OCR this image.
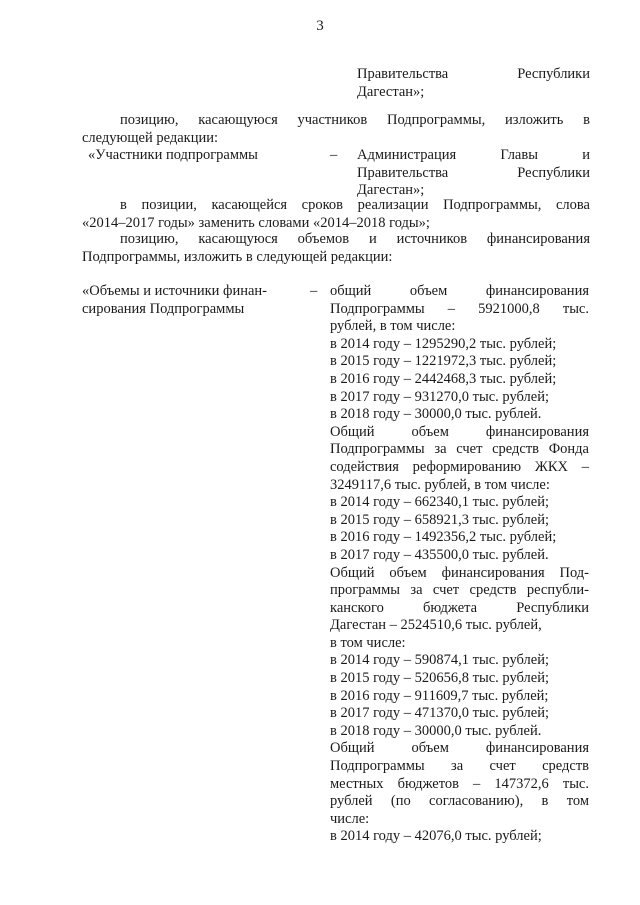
3
Правительства Республики
Дагестан»;
позицию, касающуюся участников Подпрограммы, изложить в
следующей редакции:
«Участники подпрограммы	– Администрация Главы и
Правительства Республики
Дагестан»;
в позиции, касающейся сроков реализации Подпрограммы, слова
«2014–2017 годы» заменить словами «2014–2018 годы»;
позицию, касающуюся объемов и источников финансирования
Подпрограммы, изложить в следующей редакции:
«Объемы и источники финан-
сирования Подпрограммы
– общий объем финансирования
Подпрограммы – 5921000,8 тыс.
рублей, в том числе:
в 2014 году – 1295290,2 тыс. рублей;
в 2015 году – 1221972,3 тыс. рублей;
в 2016 году – 2442468,3 тыс. рублей;
в 2017 году – 931270,0 тыс. рублей;
в 2018 году – 30000,0 тыс. рублей.
Общий объем финансирования
Подпрограммы за счет средств Фонда
содействия реформированию ЖКХ –
3249117,6 тыс. рублей, в том числе:
в 2014 году – 662340,1 тыс. рублей;
в 2015 году – 658921,3 тыс. рублей;
в 2016 году – 1492356,2 тыс. рублей;
в 2017 году – 435500,0 тыс. рублей.
Общий объем финансирования Под-
программы за счет средств республи-
канского бюджета Республики
Дагестан – 2524510,6 тыс. рублей,
в том числе:
в 2014 году – 590874,1 тыс. рублей;
в 2015 году – 520656,8 тыс. рублей;
в 2016 году – 911609,7 тыс. рублей;
в 2017 году – 471370,0 тыс. рублей;
в 2018 году – 30000,0 тыс. рублей.
Общий объем финансирования
Подпрограммы за счет средств
местных бюджетов – 147372,6 тыс.
рублей (по согласованию), в том
числе:
в 2014 году – 42076,0 тыс. рублей;
